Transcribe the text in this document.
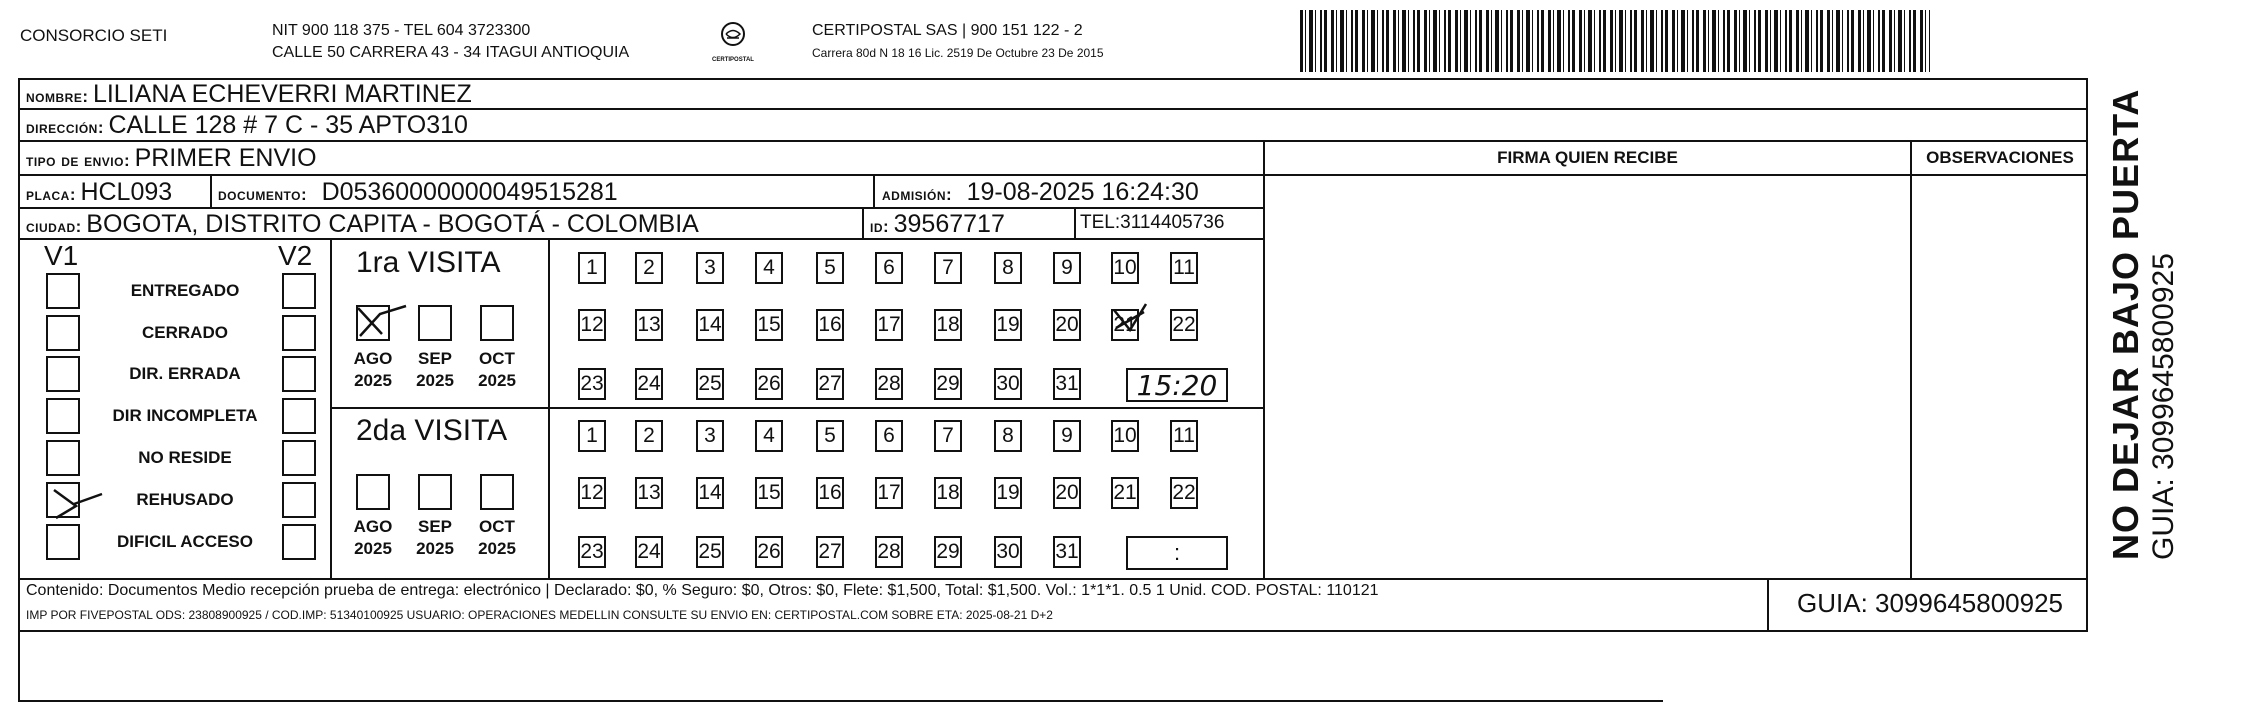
CONSORCIO SETI	NIT 900 118 375 - TEL 604 3723300
CALLE 50 CARRERA 43 - 34 ITAGUI ANTIOQUIA	CERTIPOSTAL
CERTIPOSTAL SAS | 900 151 122 - 2
Carrera 80d N 18 16 Lic. 2519 De Octubre 23 De 2015
nombre: LILIANA ECHEVERRI MARTINEZ
dirección: CALLE 128 # 7 C - 35 APTO310
tipo de envio: PRIMER ENVIO	FIRMA QUIEN RECIBE	OBSERVACIONES
placa: HCL093	documento: D05360000000049515281	admisión: 19-08-2025 16:24:30
ciudad: BOGOTA, DISTRITO CAPITA - BOGOTÁ - COLOMBIA	id: 39567717	TEL:3114405736
V1	V2
ENTREGADO
CERRADO
DIR. ERRADA
DIR INCOMPLETA
NO RESIDE
REHUSADO
DIFICIL ACCESO
1ra VISITA
2da VISITA
AGO
2025
SEP
2025
OCT
2025
1	2	3	4	5	6	7	8	9	10 11
12 13 14 15 16 17 18 19 20 21 22
23 24 25 26 27 28 29 30 31	15:20
AGO
2025
SEP
2025
OCT
2025
1	2	3	4	5	6	7	8	9	10 11
12 13 14 15 16 17 18 19 20 21 22
23 24 25 26 27 28 29 30 31	:
Contenido: Documentos Medio recepción prueba de entrega: electrónico | Declarado: $0, % Seguro: $0, Otros: $0, Flete: $1,500, Total: $1,500. Vol.: 1*1*1. 0.5 1 Unid. COD. POSTAL: 110121
IMP POR FIVEPOSTAL ODS: 23808900925 / COD.IMP: 51340100925 USUARIO: OPERACIONES MEDELLIN CONSULTE SU ENVIO EN: CERTIPOSTAL.COM SOBRE ETA: 2025-08-21 D+2	GUIA: 3099645800925
NO DEJAR BAJO PUERTA GUIA: 3099645800925
